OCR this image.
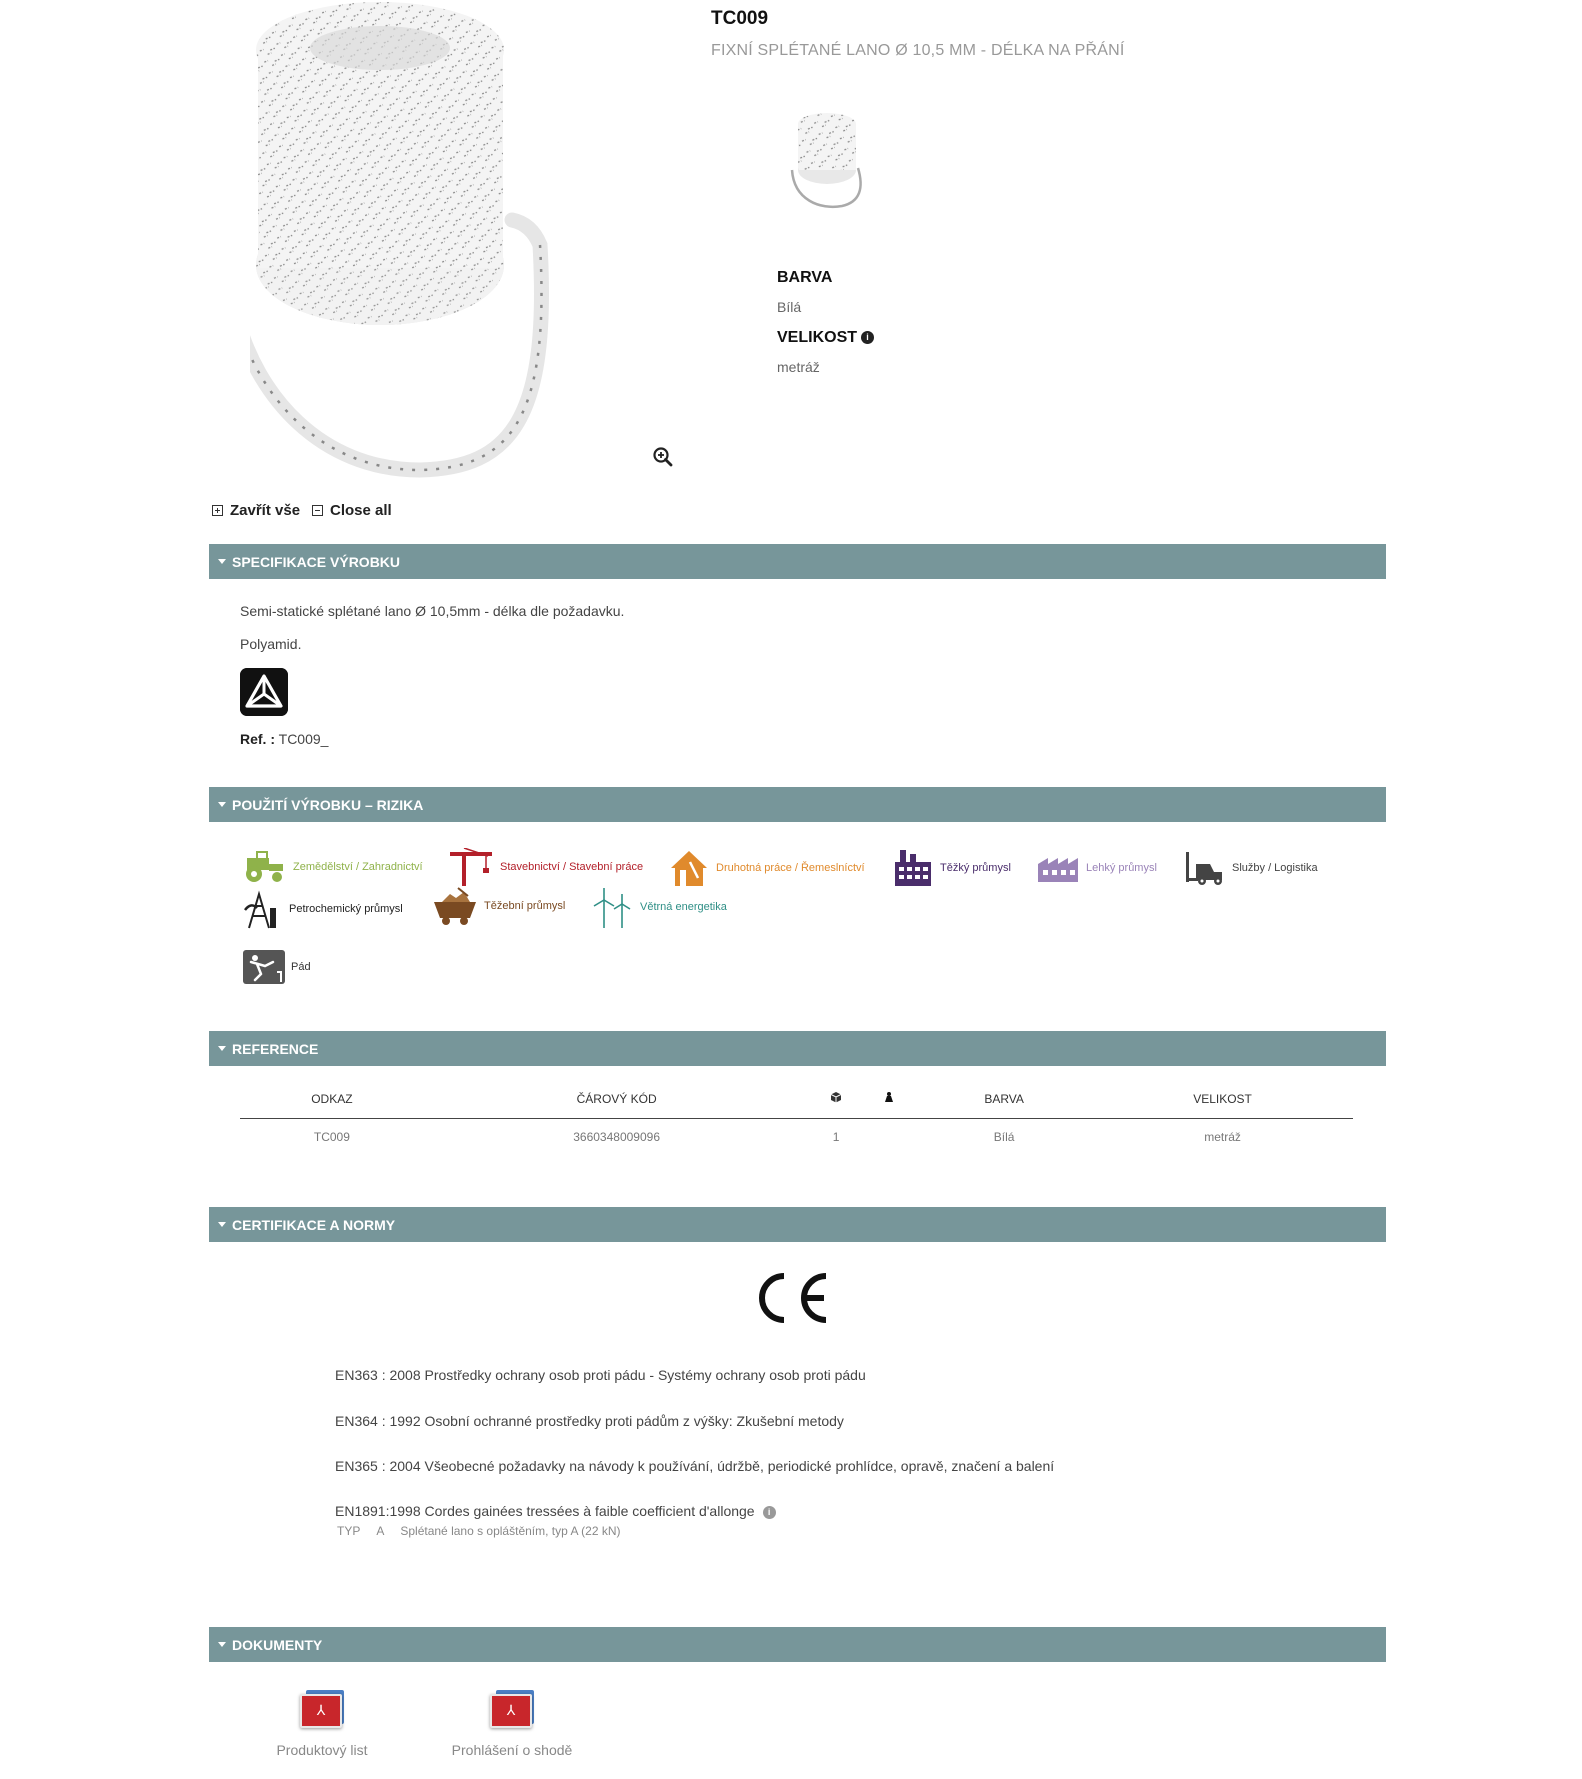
TC009
FIXNÍ SPLÉTANÉ LANO Ø 10,5 MM - DÉLKA NA PŘÁNÍ
BARVA
Bílá
VELIKOST i
metráž
Zavřít vše Close all
SPECIFIKACE VÝROBKU
Semi-statické splétané lano Ø 10,5mm - délka dle požadavku.
Polyamid.
Ref. : TC009_
POUŽITÍ VÝROBKU – RIZIKA
Zemědělství / Zahradnictví	Stavebnictví / Stavební práce	Druhotná práce / Řemeslníctví	Těžký průmysl	Lehký průmysl	Služby / Logistika
Petrochemický průmysl	Těžební průmysl	Větrná energetika
Pád
REFERENCE
ODKAZ	ČÁROVÝ KÓD			BARVA	VELIKOST
TC009	3660348009096	1		Bílá	metráž
CERTIFIKACE A NORMY
EN363 : 2008 Prostředky ochrany osob proti pádu - Systémy ochrany osob proti pádu
EN364 : 1992 Osobní ochranné prostředky proti pádům z výšky: Zkušební metody
EN365 : 2004 Všeobecné požadavky na návody k používání, údržbě, periodické prohlídce, opravě, značení a balení
EN1891:1998 Cordes gainées tressées à faible coefficient d'allonge i
TYP A Splétané lano s opláštěním, typ A (22 kN)
DOKUMENTY
⅄
Produktový list
⅄	Prohlášení o shodě
